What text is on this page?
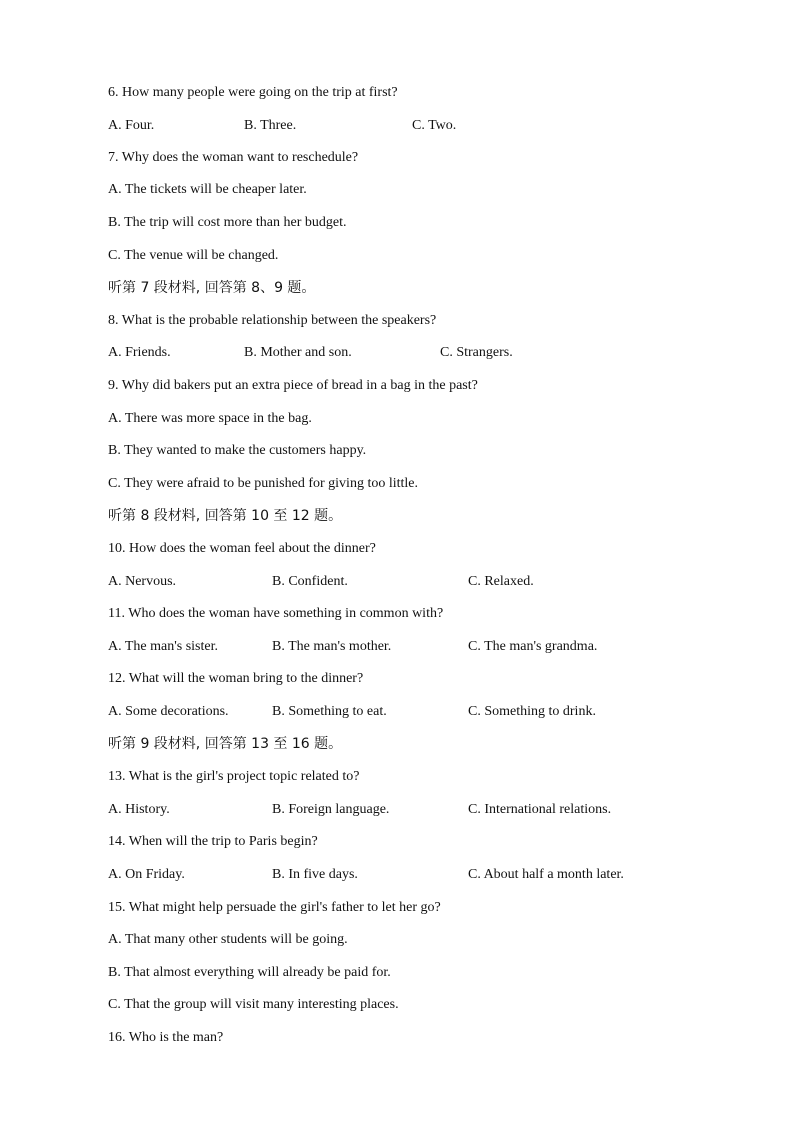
6. How many people were going on the trip at first?
A. Four.	B. Three.	C. Two.
7. Why does the woman want to reschedule?
A. The tickets will be cheaper later.
B. The trip will cost more than her budget.
C. The venue will be changed.
听第 7 段材料, 回答第 8、9 题。
8. What is the probable relationship between the speakers?
A. Friends.	B. Mother and son.	C. Strangers.
9. Why did bakers put an extra piece of bread in a bag in the past?
A. There was more space in the bag.
B. They wanted to make the customers happy.
C. They were afraid to be punished for giving too little.
听第 8 段材料, 回答第 10 至 12 题。
10. How does the woman feel about the dinner?
A. Nervous.	B. Confident.	C. Relaxed.
11. Who does the woman have something in common with?
A. The man's sister.	B. The man's mother.	C. The man's grandma.
12. What will the woman bring to the dinner?
A. Some decorations.	B. Something to eat.	C. Something to drink.
听第 9 段材料, 回答第 13 至 16 题。
13. What is the girl's project topic related to?
A. History.	B. Foreign language.	C. International relations.
14. When will the trip to Paris begin?
A. On Friday.	B. In five days.	C. About half a month later.
15. What might help persuade the girl's father to let her go?
A. That many other students will be going.
B. That almost everything will already be paid for.
C. That the group will visit many interesting places.
16. Who is the man?
